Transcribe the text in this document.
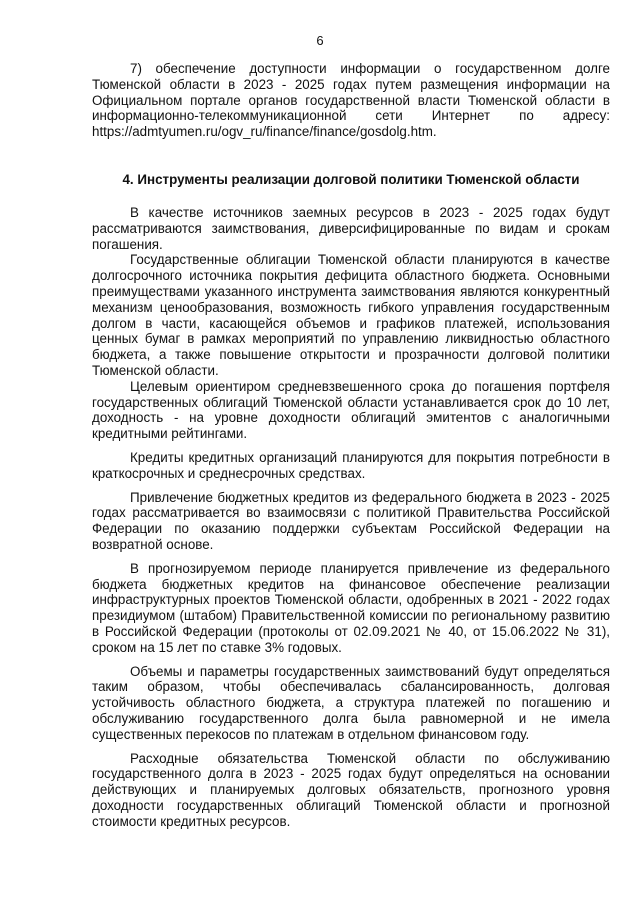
6

7) обеспечение доступности информации о государственном долге Тюменской области в 2023 - 2025 годах путем размещения информации на Официальном портале органов государственной власти Тюменской области в информационно-телекоммуникационной сети Интернет по адресу: https://admtyumen.ru/ogv_ru/finance/finance/gosdolg.htm.

4. Инструменты реализации долговой политики Тюменской области

В качестве источников заемных ресурсов в 2023 - 2025 годах будут рассматриваются заимствования, диверсифицированные по видам и срокам погашения.

Государственные облигации Тюменской области планируются в качестве долгосрочного источника покрытия дефицита областного бюджета. Основными преимуществами указанного инструмента заимствования являются конкурентный механизм ценообразования, возможность гибкого управления государственным долгом в части, касающейся объемов и графиков платежей, использования ценных бумаг в рамках мероприятий по управлению ликвидностью областного бюджета, а также повышение открытости и прозрачности долговой политики Тюменской области.

Целевым ориентиром средневзвешенного срока до погашения портфеля государственных облигаций Тюменской области устанавливается срок до 10 лет, доходность - на уровне доходности облигаций эмитентов с аналогичными кредитными рейтингами.

Кредиты кредитных организаций планируются для покрытия потребности в краткосрочных и среднесрочных средствах.

Привлечение бюджетных кредитов из федерального бюджета в 2023 - 2025 годах рассматривается во взаимосвязи с политикой Правительства Российской Федерации по оказанию поддержки субъектам Российской Федерации на возвратной основе.

В прогнозируемом периоде планируется привлечение из федерального бюджета бюджетных кредитов на финансовое обеспечение реализации инфраструктурных проектов Тюменской области, одобренных в 2021 - 2022 годах президиумом (штабом) Правительственной комиссии по региональному развитию в Российской Федерации (протоколы от 02.09.2021 № 40, от 15.06.2022 № 31), сроком на 15 лет по ставке 3% годовых.

Объемы и параметры государственных заимствований будут определяться таким образом, чтобы обеспечивалась сбалансированность, долговая устойчивость областного бюджета, а структура платежей по погашению и обслуживанию государственного долга была равномерной и не имела существенных перекосов по платежам в отдельном финансовом году.

Расходные обязательства Тюменской области по обслуживанию государственного долга в 2023 - 2025 годах будут определяться на основании действующих и планируемых долговых обязательств, прогнозного уровня доходности государственных облигаций Тюменской области и прогнозной стоимости кредитных ресурсов.
